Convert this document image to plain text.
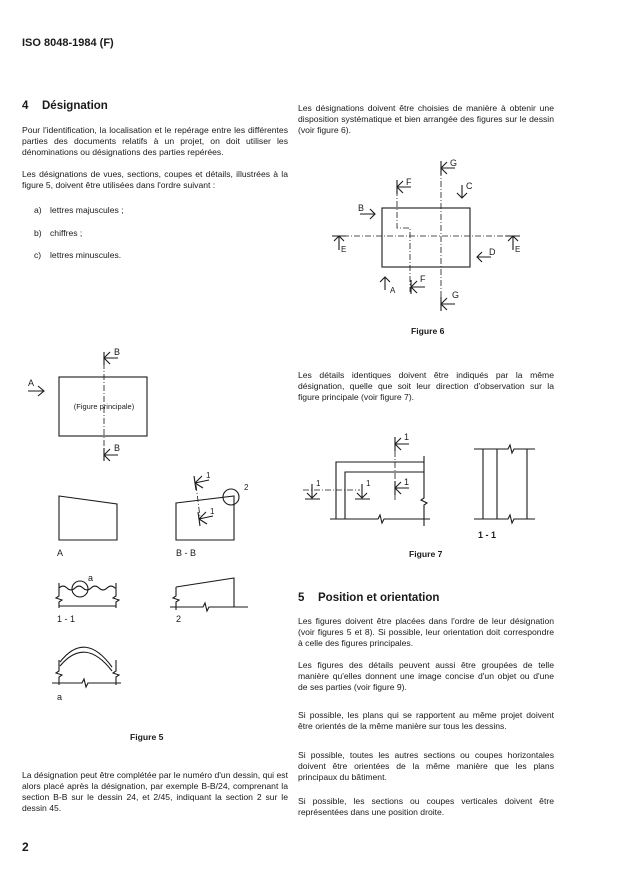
ISO 8048-1984 (F)
4 Désignation

Pour l'identification, la localisation et le repérage entre les différentes parties des documents relatifs à un projet, on doit utiliser les dénominations ou désignations des parties repérées.

Les désignations de vues, sections, coupes et détails, illustrées à la figure 5, doivent être utilisées dans l'ordre suivant :

a) lettres majuscules ;
b) chiffres ;
c) lettres minuscules.
Figure 5

La désignation peut être complétée par le numéro d'un dessin, qui est alors placé après la désignation, par exemple B-B/24, comprenant la section B-B sur le dessin 24, et 2/45, indiquant la section 2 sur le dessin 45.

2

Les désignations doivent être choisies de manière à obtenir une disposition systématique et bien arrangée des figures sur le dessin (voir figure 6).

Figure 6

Les détails identiques doivent être indiqués par la même désignation, quelle que soit leur direction d'observation sur la figure principale (voir figure 7).

Figure 7
5 Position et orientation

Les figures doivent être placées dans l'ordre de leur désignation (voir figures 5 et 8). Si possible, leur orientation doit correspondre à celle des figures principales.

Les figures des détails peuvent aussi être groupées de telle manière qu'elles donnent une image concise d'un objet ou d'une de ses parties (voir figure 9).

Si possible, les plans qui se rapportent au même projet doivent être orientés de la même manière sur tous les dessins.

Si possible, toutes les autres sections ou coupes horizontales doivent être orientées de la même manière que les plans principaux du bâtiment.

Si possible, les sections ou coupes verticales doivent être représentées dans une position droite.

(Figure principale)
B
B
A
A
2
1
1
B - B
a
1 - 1	2
a
G
F	C
B
E	E
D
A
F
G
1
1
1	1
1 - 1
